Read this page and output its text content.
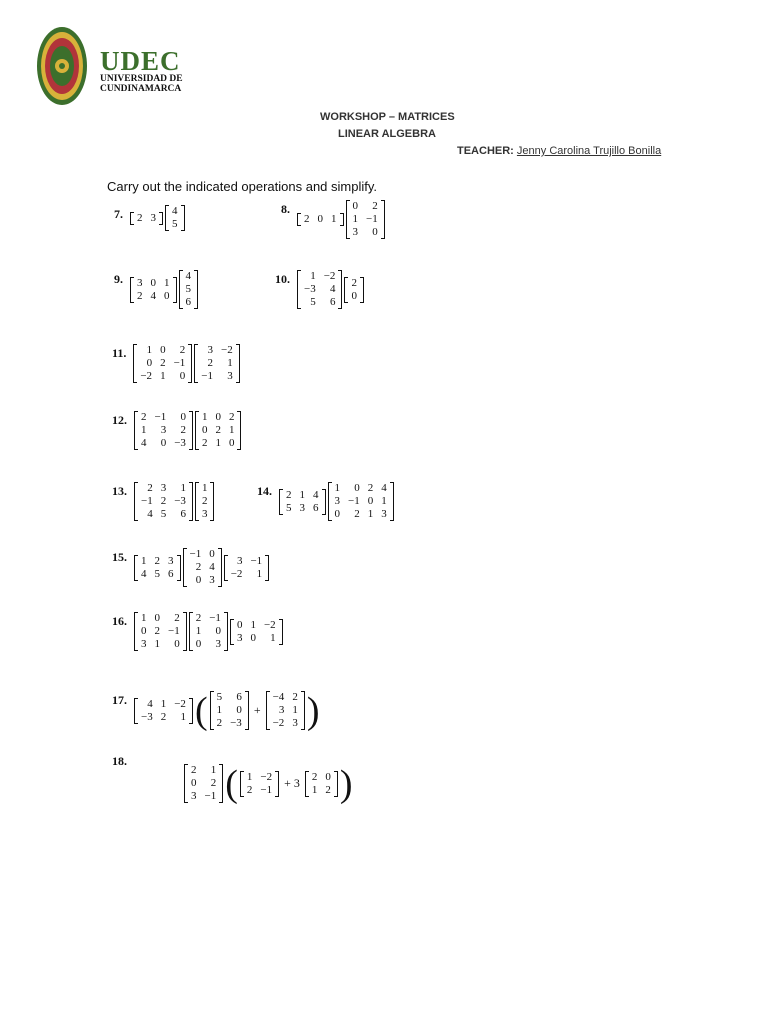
UDEC
UNIVERSIDAD DE
CUNDINAMARCA
WORKSHOP – MATRICES
LINEAR ALGEBRA
TEACHER: Jenny Carolina Trujillo Bonilla
Carry out the indicated operations and simplify.
7. 2	3
4
5
8.
2	0	1
0	2
1	−1
3	0
9. 3	0	1
2	4	0
4
5
6
10. 1	−2
−3	4
5	6
2
0
11. 1	0	2
0	2	−1
−2	1	0
3	−2
2	1
−1	3
12. 2	−1	0
1	3	2
4	0	−3
1	0	2
0	2	1
2	1	0
13. 2	3	1
−1	2	−3
4	5	6
1
2
3
14. 2	1	4
5	3	6
1	0	2	4
3	−1	0	1
0	2	1	3
15. 1	2	3
4	5	6
−1	0
2	4
0	3
3	−1
−2	1
16. 1	0	2
0	2	−1
3	1	0
2	−1
1	0
0	3
0	1	−2
3	0	1
17. 4	1	−2
−3	2	1 ( 5	6
1	0
2	−3
+
−4	2
3	1
−2	3 )
18.
2	1
0	2
3	−1 ( 1	−2
2	−1 + 3 2	0
1	2 )
